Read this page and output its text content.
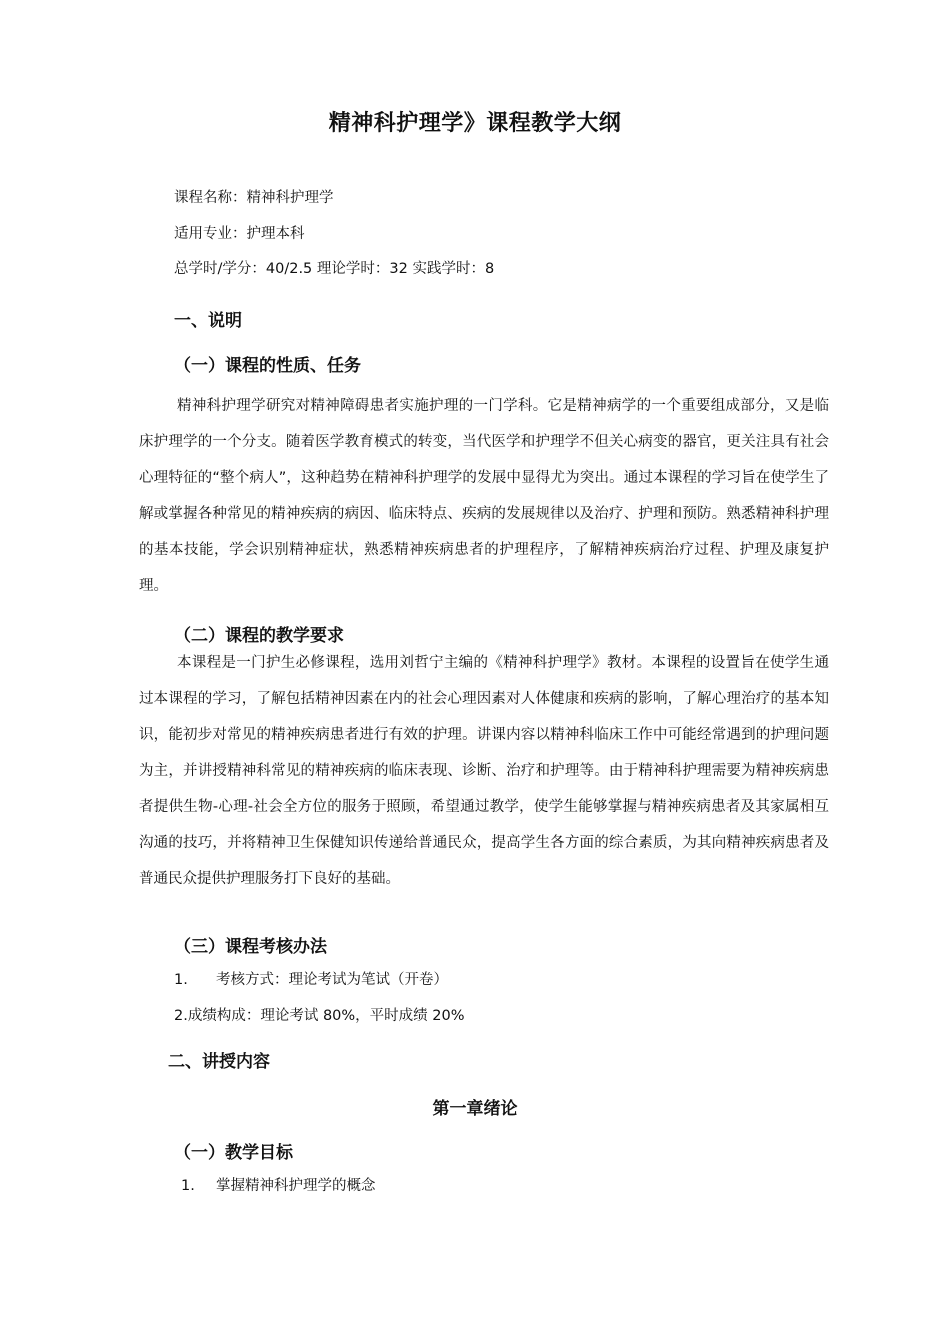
精神科护理学》课程教学大纲
课程名称：精神科护理学
适用专业：护理本科
总学时/学分：40/2.5 理论学时：32 实践学时：8
一、说明
（一）课程的性质、任务
精神科护理学研究对精神障碍患者实施护理的一门学科。它是精神病学的一个重要组成部分，又是临床护理学的一个分支。随着医学教育模式的转变，当代医学和护理学不但关心病变的器官，更关注具有社会心理特征的“整个病人”，这种趋势在精神科护理学的发展中显得尤为突出。通过本课程的学习旨在使学生了解或掌握各种常见的精神疾病的病因、临床特点、疾病的发展规律以及治疗、护理和预防。熟悉精神科护理的基本技能，学会识别精神症状，熟悉精神疾病患者的护理程序，了解精神疾病治疗过程、护理及康复护理。
（二）课程的教学要求
本课程是一门护生必修课程，选用刘哲宁主编的《精神科护理学》教材。本课程的设置旨在使学生通过本课程的学习，了解包括精神因素在内的社会心理因素对人体健康和疾病的影响，了解心理治疗的基本知识，能初步对常见的精神疾病患者进行有效的护理。讲课内容以精神科临床工作中可能经常遇到的护理问题为主，并讲授精神科常见的精神疾病的临床表现、诊断、治疗和护理等。由于精神科护理需要为精神疾病患者提供生物-心理-社会全方位的服务于照顾，希望通过教学，使学生能够掌握与精神疾病患者及其家属相互沟通的技巧，并将精神卫生保健知识传递给普通民众，提高学生各方面的综合素质，为其向精神疾病患者及普通民众提供护理服务打下良好的基础。
（三）课程考核办法
1. 考核方式：理论考试为笔试（开卷）
2.成绩构成：理论考试 80%，平时成绩 20%
二、讲授内容
第一章绪论
（一）教学目标
1. 掌握精神科护理学的概念
